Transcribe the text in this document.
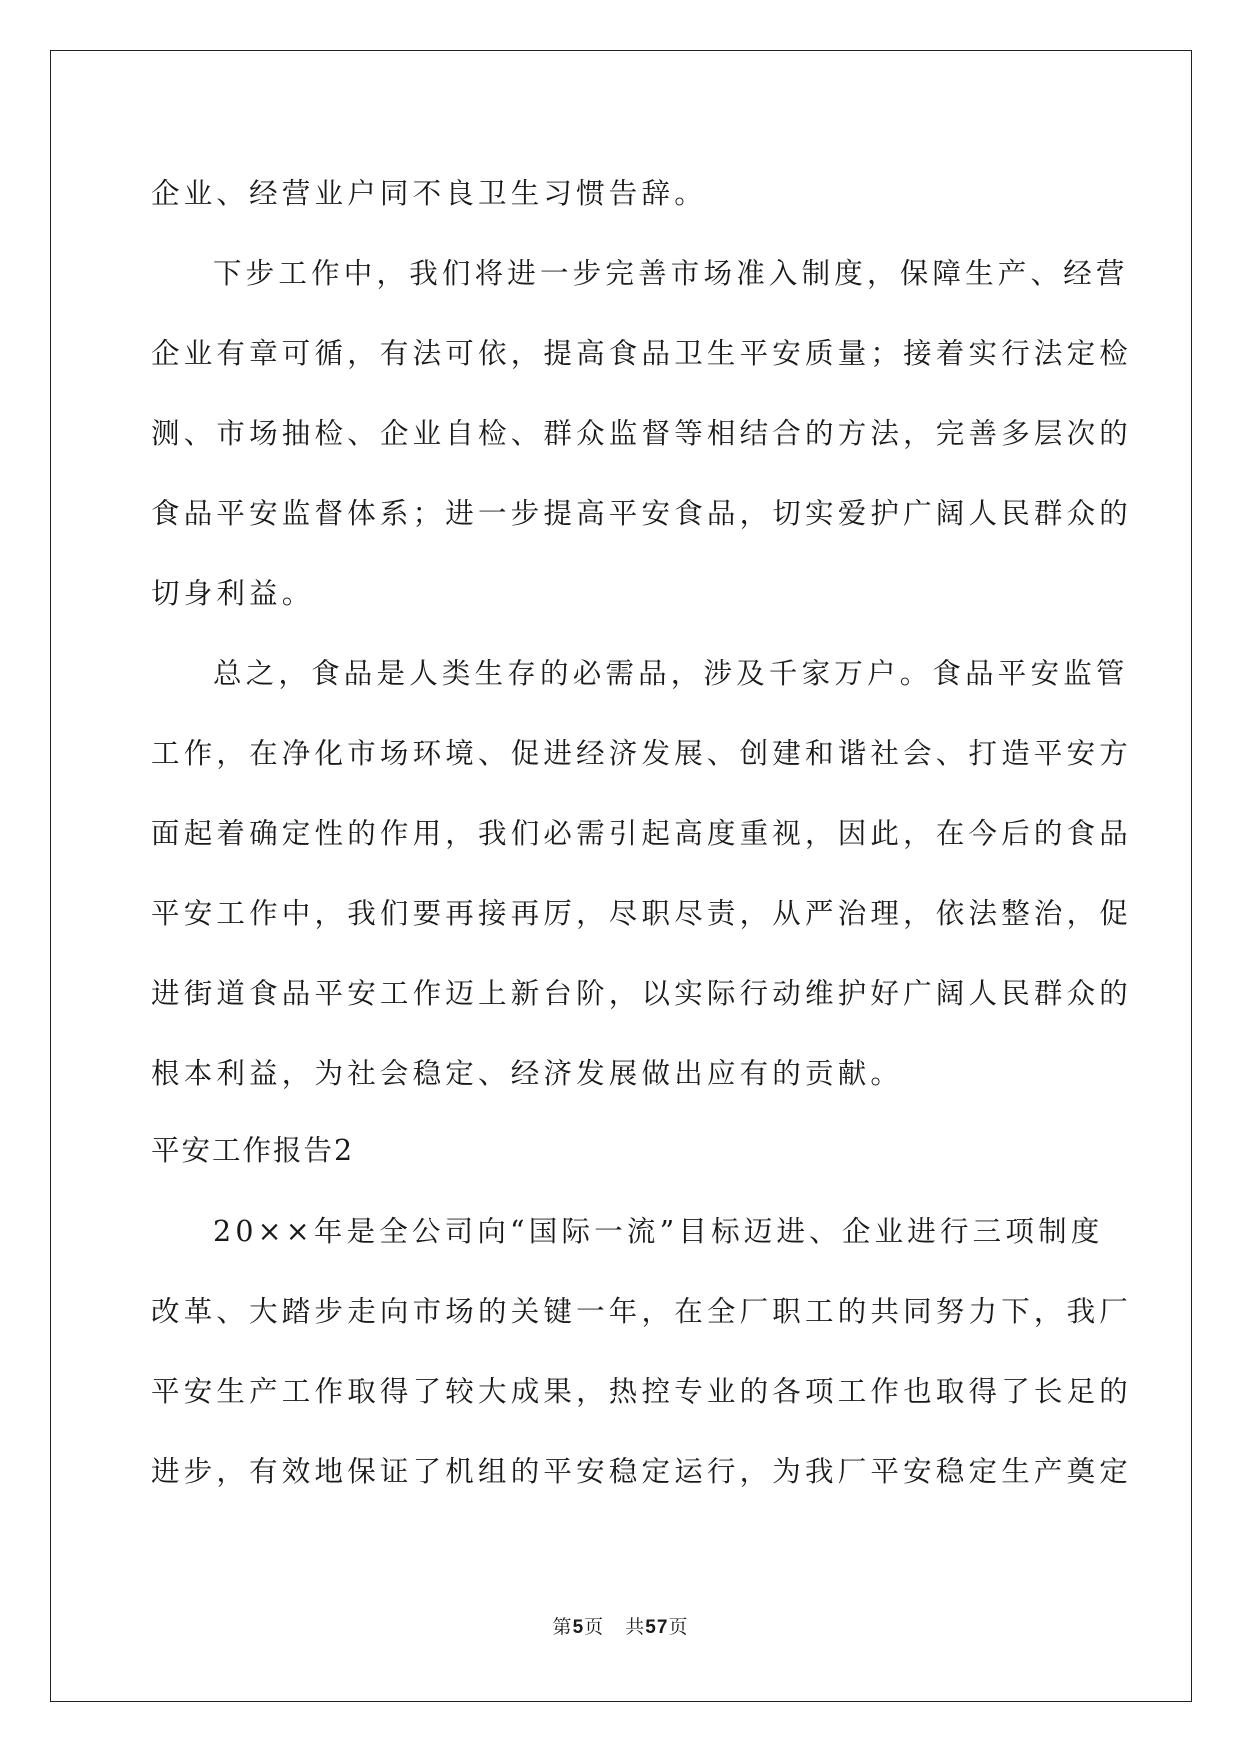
企业、经营业户同不良卫生习惯告辞。
下步工作中，我们将进一步完善市场准入制度，保障生产、经营
企业有章可循，有法可依，提高食品卫生平安质量；接着实行法定检
测、市场抽检、企业自检、群众监督等相结合的方法，完善多层次的
食品平安监督体系；进一步提高平安食品，切实爱护广阔人民群众的
切身利益。
总之，食品是人类生存的必需品，涉及千家万户。食品平安监管
工作，在净化市场环境、促进经济发展、创建和谐社会、打造平安方
面起着确定性的作用，我们必需引起高度重视，因此，在今后的食品
平安工作中，我们要再接再厉，尽职尽责，从严治理，依法整治，促
进街道食品平安工作迈上新台阶，以实际行动维护好广阔人民群众的
根本利益，为社会稳定、经济发展做出应有的贡献。
平安工作报告2
20××年是全公司向“国际一流”目标迈进、企业进行三项制度
改革、大踏步走向市场的关键一年，在全厂职工的共同努力下，我厂
平安生产工作取得了较大成果，热控专业的各项工作也取得了长足的
进步，有效地保证了机组的平安稳定运行，为我厂平安稳定生产奠定
第5页 共57页
